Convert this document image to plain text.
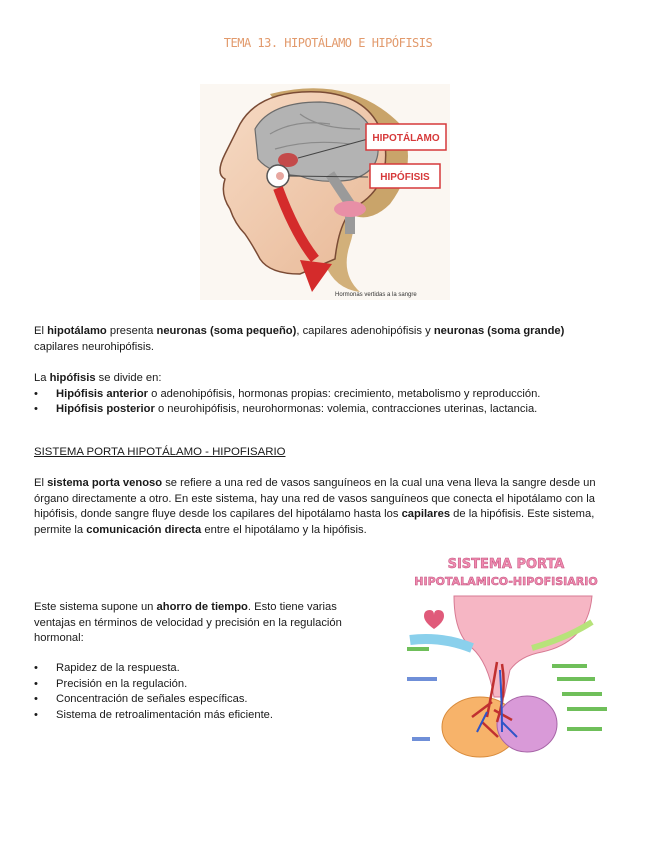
TEMA 13. HIPOTÁLAMO E HIPÓFISIS
HIPOTÁLAMO
HIPÓFISIS
Hormonas vertidas a la sangre

El hipotálamo presenta neuronas (soma pequeño), capilares adenohipófisis y neuronas (soma grande) capilares neurohipófisis.

La hipófisis se divide en:
• Hipófisis anterior o adenohipófisis, hormonas propias: crecimiento, metabolismo y reproducción.
• Hipófisis posterior o neurohipófisis, neurohormonas: volemia, contracciones uterinas, lactancia.
SISTEMA PORTA HIPOTÁLAMO - HIPOFISARIO

El sistema porta venoso se refiere a una red de vasos sanguíneos en la cual una vena lleva la sangre desde un órgano directamente a otro. En este sistema, hay una red de vasos sanguíneos que conecta el hipotálamo con la hipófisis, donde sangre fluye desde los capilares del hipotálamo hasta los capilares de la hipófisis. Este sistema, permite la comunicación directa entre el hipotálamo y la hipófisis.

Este sistema supone un ahorro de tiempo. Esto tiene varias ventajas en términos de velocidad y precisión en la regulación hormonal:

• Rapidez de la respuesta.
• Precisión en la regulación.
• Concentración de señales específicas.
• Sistema de retroalimentación más eficiente.
SISTEMA PORTA
HIPOTALAMICO-HIPOFISIARIO
